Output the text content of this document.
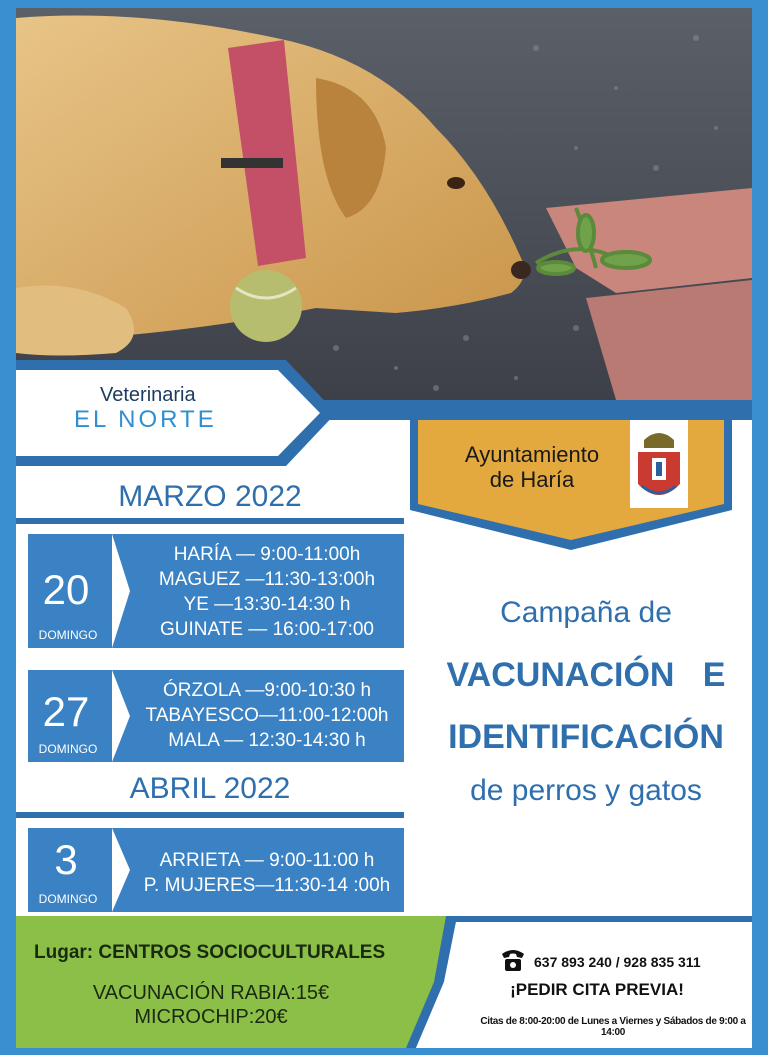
Veterinaria
EL NORTE
Ayuntamiento
de Haría
MARZO 2022
20
DOMINGO
HARÍA — 9:00-11:00h
MAGUEZ —11:30-13:00h
YE —13:30-14:30 h
GUINATE — 16:00-17:00
27
DOMINGO
ÓRZOLA —9:00-10:30 h
TABAYESCO—11:00-12:00h
MALA — 12:30-14:30 h
ABRIL 2022
3
DOMINGO
ARRIETA — 9:00-11:00 h
P. MUJERES—11:30-14 :00h
Campaña de
VACUNACIÓN   E
IDENTIFICACIÓN
de perros y gatos
Lugar: CENTROS SOCIOCULTURALES
VACUNACIÓN RABIA:15€
MICROCHIP:20€
637 893 240 / 928 835 311
¡PEDIR CITA PREVIA!
Citas de 8:00-20:00 de Lunes a Viernes y Sábados de 9:00 a 14:00
